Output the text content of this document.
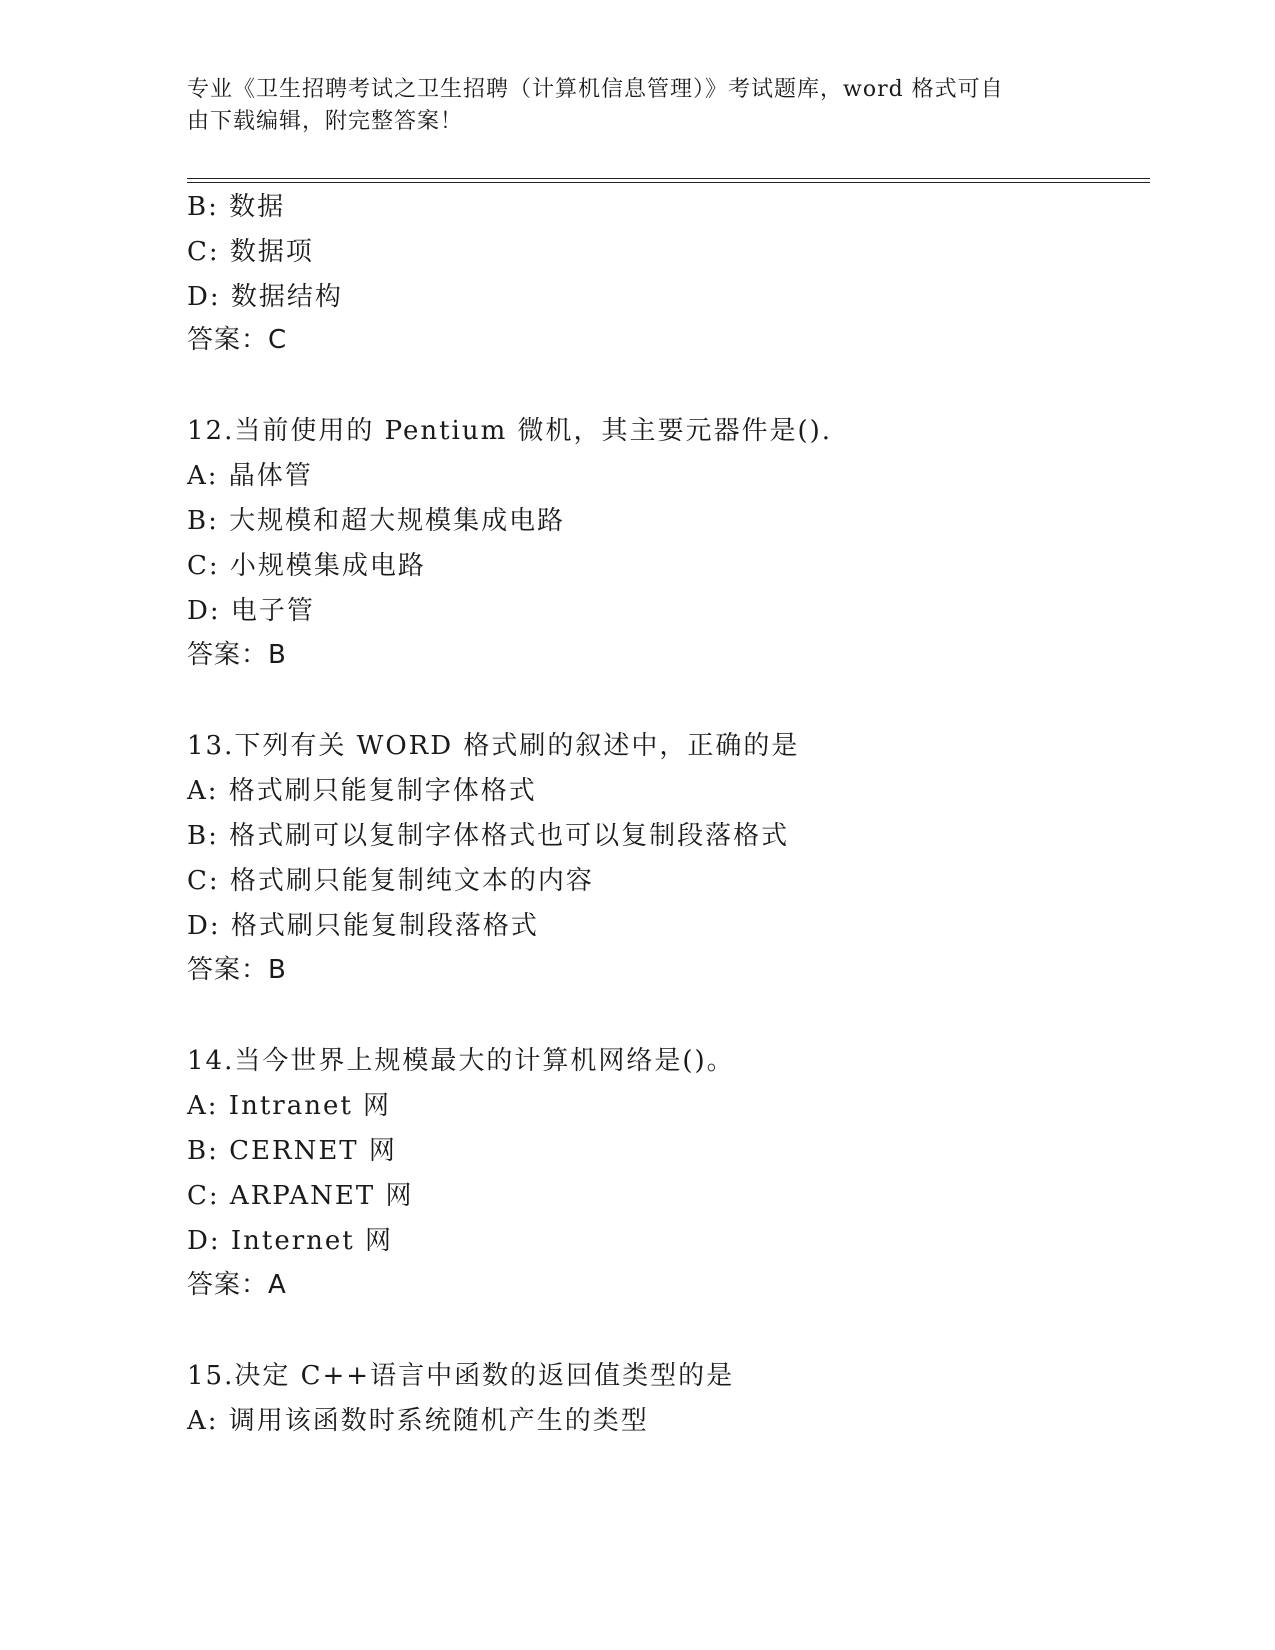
专业《卫生招聘考试之卫生招聘（计算机信息管理）》考试题库，word 格式可自
由下载编辑，附完整答案！
B: 数据
C: 数据项
D: 数据结构
答案：C
12.当前使用的 Pentium 微机，其主要元器件是().
A: 晶体管
B: 大规模和超大规模集成电路
C: 小规模集成电路
D: 电子管
答案：B
13.下列有关 WORD 格式刷的叙述中，正确的是
A: 格式刷只能复制字体格式
B: 格式刷可以复制字体格式也可以复制段落格式
C: 格式刷只能复制纯文本的内容
D: 格式刷只能复制段落格式
答案：B
14.当今世界上规模最大的计算机网络是()。
A: Intranet 网
B: CERNET 网
C: ARPANET 网
D: Internet 网
答案：A
15.决定 C++语言中函数的返回值类型的是
A: 调用该函数时系统随机产生的类型
